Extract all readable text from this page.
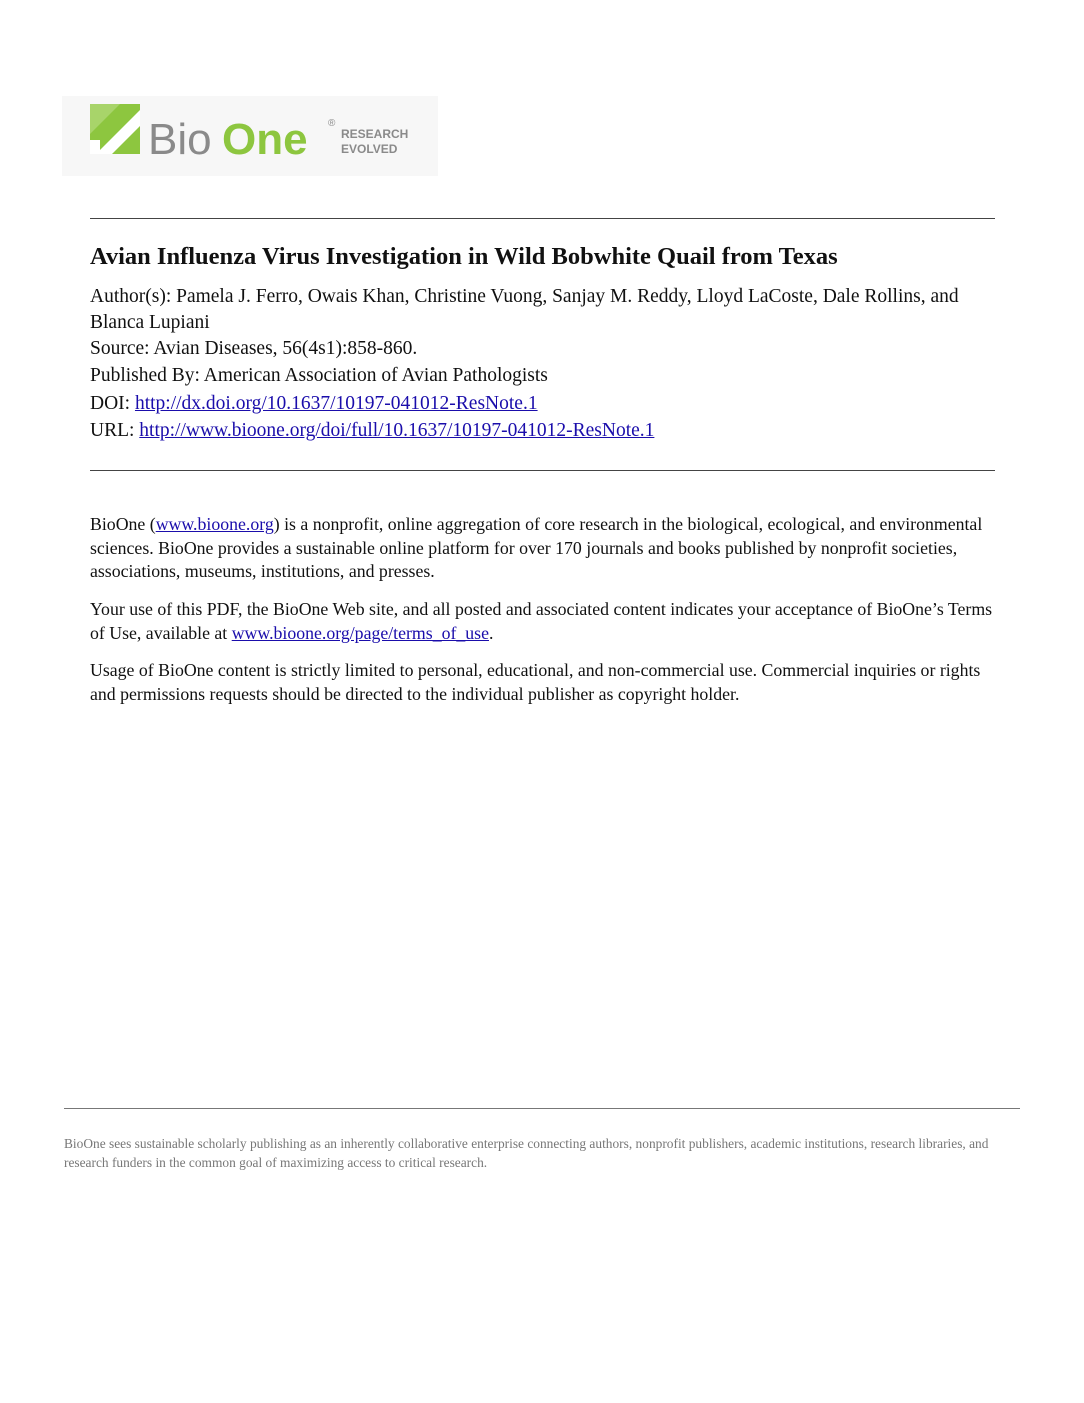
Bio One ®
RESEARCH
EVOLVED
Avian Influenza Virus Investigation in Wild Bobwhite Quail from Texas

Author(s): Pamela J. Ferro, Owais Khan, Christine Vuong, Sanjay M. Reddy, Lloyd LaCoste, Dale Rollins, and Blanca Lupiani

Source: Avian Diseases, 56(4s1):858-860.

Published By: American Association of Avian Pathologists

DOI: http://dx.doi.org/10.1637/10197-041012-ResNote.1

URL: http://www.bioone.org/doi/full/10.1637/10197-041012-ResNote.1

BioOne (www.bioone.org) is a nonprofit, online aggregation of core research in the biological, ecological, and environmental sciences. BioOne provides a sustainable online platform for over 170 journals and books published by nonprofit societies, associations, museums, institutions, and presses.

Your use of this PDF, the BioOne Web site, and all posted and associated content indicates your acceptance of BioOne’s Terms of Use, available at www.bioone.org/page/terms_of_use.

Usage of BioOne content is strictly limited to personal, educational, and non-commercial use. Commercial inquiries or rights and permissions requests should be directed to the individual publisher as copyright holder.

BioOne sees sustainable scholarly publishing as an inherently collaborative enterprise connecting authors, nonprofit publishers, academic institutions, research libraries, and research funders in the common goal of maximizing access to critical research.
